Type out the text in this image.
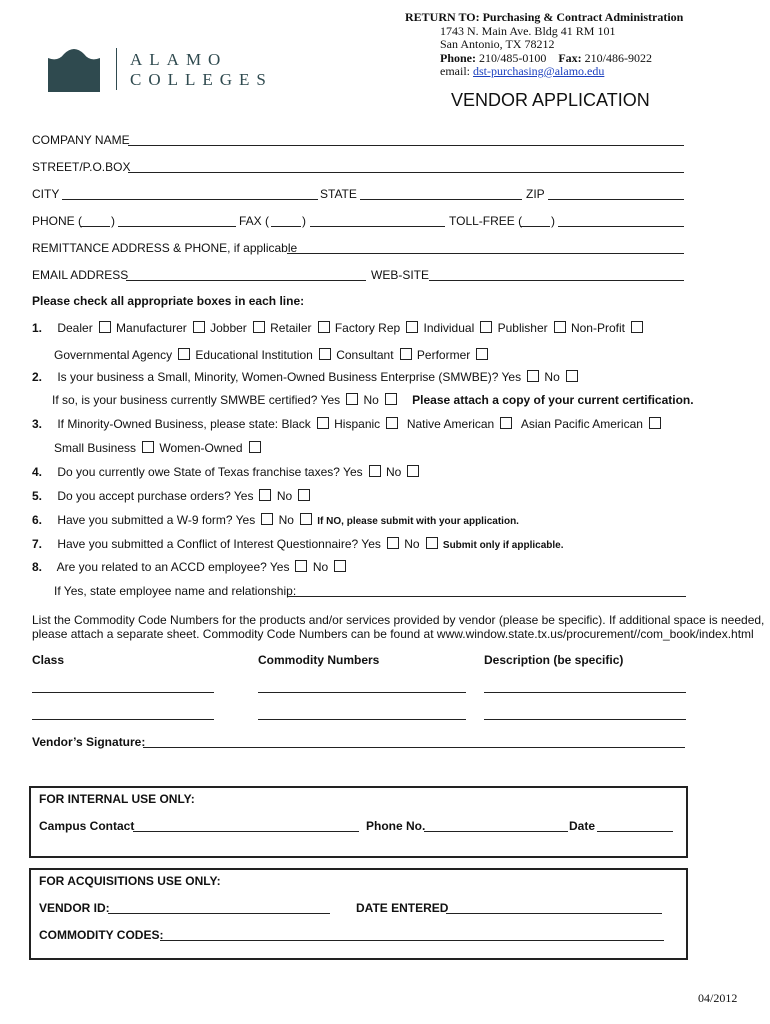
ALAMO
COLLEGES
RETURN TO: Purchasing & Contract Administration
1743 N. Main Ave. Bldg 41 RM 101
San Antonio, TX 78212
Phone: 210/485-0100 Fax: 210/486-9022
email: dst-purchasing@alamo.edu
VENDOR APPLICATION
COMPANY NAME
STREET/P.O.BOX
CITY	STATE	ZIP
PHONE ( )	FAX (	)	TOLL-FREE ( )
REMITTANCE ADDRESS & PHONE, if applicable
EMAIL ADDRESS	WEB-SITE
Please check all appropriate boxes in each line:
1. Dealer Manufacturer Jobber Retailer Factory Rep Individual Publisher Non-Profit
Governmental Agency Educational Institution Consultant Performer
2. Is your business a Small, Minority, Women-Owned Business Enterprise (SMWBE)? Yes No
If so, is your business currently SMWBE certified? Yes No	Please attach a copy of your current certification.
3. If Minority-Owned Business, please state: Black Hispanic Native American Asian Pacific American
Small Business Women-Owned
4. Do you currently owe State of Texas franchise taxes? Yes No
5. Do you accept purchase orders? Yes No
6. Have you submitted a W-9 form? Yes No If NO, please submit with your application.
7. Have you submitted a Conflict of Interest Questionnaire? Yes No Submit only if applicable.
8. Are you related to an ACCD employee? Yes No
If Yes, state employee name and relationship:
List the Commodity Code Numbers for the products and/or services provided by vendor (please be specific). If additional space is needed,
please attach a separate sheet. Commodity Code Numbers can be found at www.window.state.tx.us/procurement//com_book/index.html
Class	Commodity Numbers	Description (be specific)
Vendor’s Signature:
FOR INTERNAL USE ONLY:
Campus Contact	Phone No.	Date
FOR ACQUISITIONS USE ONLY:
VENDOR ID:	DATE ENTERED
COMMODITY CODES:
04/2012
